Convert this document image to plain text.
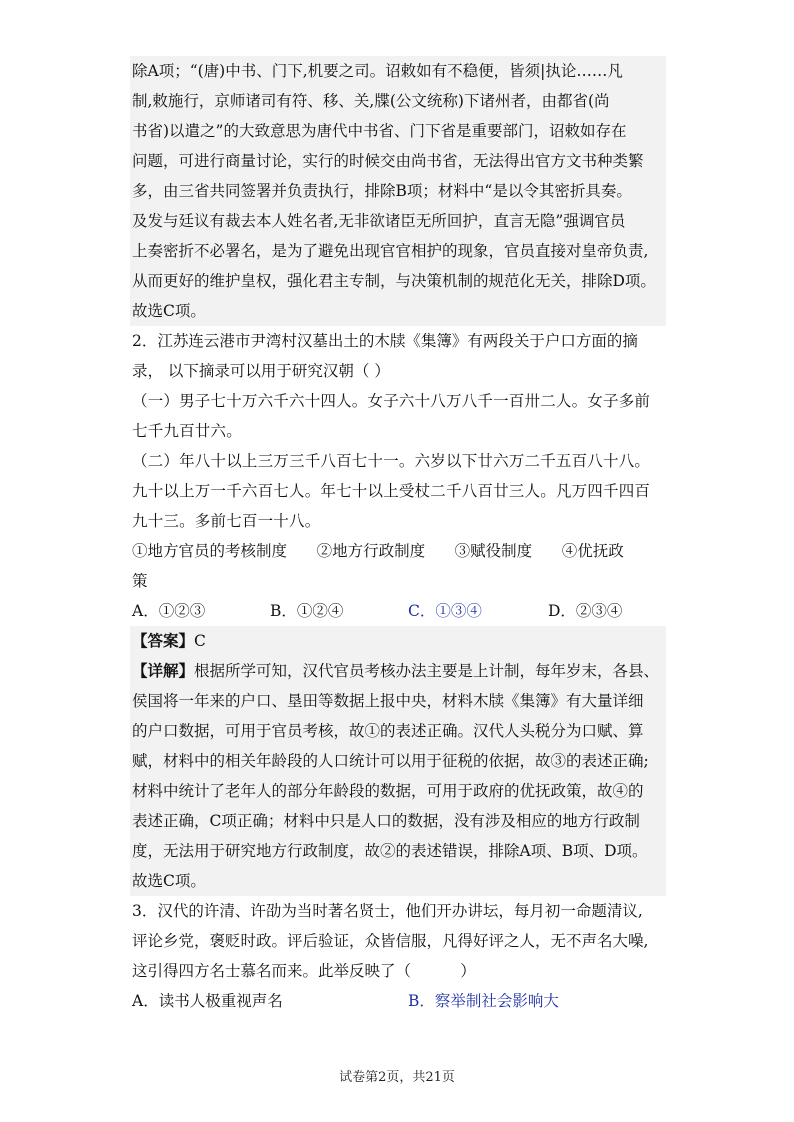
除A项；“(唐)中书、门下,机要之司。诏敕如有不稳便，皆须|执论……凡
制,敕施行，京师诸司有符、移、关,牒(公文统称)下诸州者，由都省(尚
书省)以遣之”的大致意思为唐代中书省、门下省是重要部门，诏敕如存在
问题，可进行商量讨论，实行的时候交由尚书省，无法得出官方文书种类繁
多，由三省共同签署并负责执行，排除B项；材料中“是以令其密折具奏。
及发与廷议有裁去本人姓名者,无非欲诸臣无所回护，直言无隐”强调官员
上奏密折不必署名，是为了避免出现官官相护的现象，官员直接对皇帝负责,
从而更好的维护皇权，强化君主专制，与决策机制的规范化无关，排除D项。
故选C项。
2．江苏连云港市尹湾村汉墓出土的木牍《集簿》有两段关于户口方面的摘
录， 以下摘录可以用于研究汉朝（ ）
（一）男子七十万六千六十四人。女子六十八万八千一百卅二人。女子多前
七千九百廿六。
（二）年八十以上三万三千八百七十一。六岁以下廿六万二千五百八十八。
九十以上万一千六百七人。年七十以上受杖二千八百廿三人。凡万四千四百
九十三。多前七百一十八。
①地方官员的考核制度      ②地方行政制度      ③赋役制度      ④优抚政
策
A．①②③	B．①②④	C．①③④	D．②③④
【答案】C
【详解】根据所学可知，汉代官员考核办法主要是上计制，每年岁末，各县、
侯国将一年来的户口、垦田等数据上报中央，材料木牍《集簿》有大量详细
的户口数据，可用于官员考核，故①的表述正确。汉代人头税分为口赋、算
赋，材料中的相关年龄段的人口统计可以用于征税的依据，故③的表述正确;
材料中统计了老年人的部分年龄段的数据，可用于政府的优抚政策，故④的
表述正确，C项正确；材料中只是人口的数据，没有涉及相应的地方行政制
度，无法用于研究地方行政制度，故②的表述错误，排除A项、B项、D项。
故选C项。
3．汉代的许清、许劭为当时著名贤士，他们开办讲坛，每月初一命题清议,
评论乡党，褒贬时政。评后验证，众皆信服，凡得好评之人，无不声名大噪,
这引得四方名士慕名而来。此举反映了（          ）
A．读书人极重视声名	B．察举制社会影响大
试卷第2页，共21页
